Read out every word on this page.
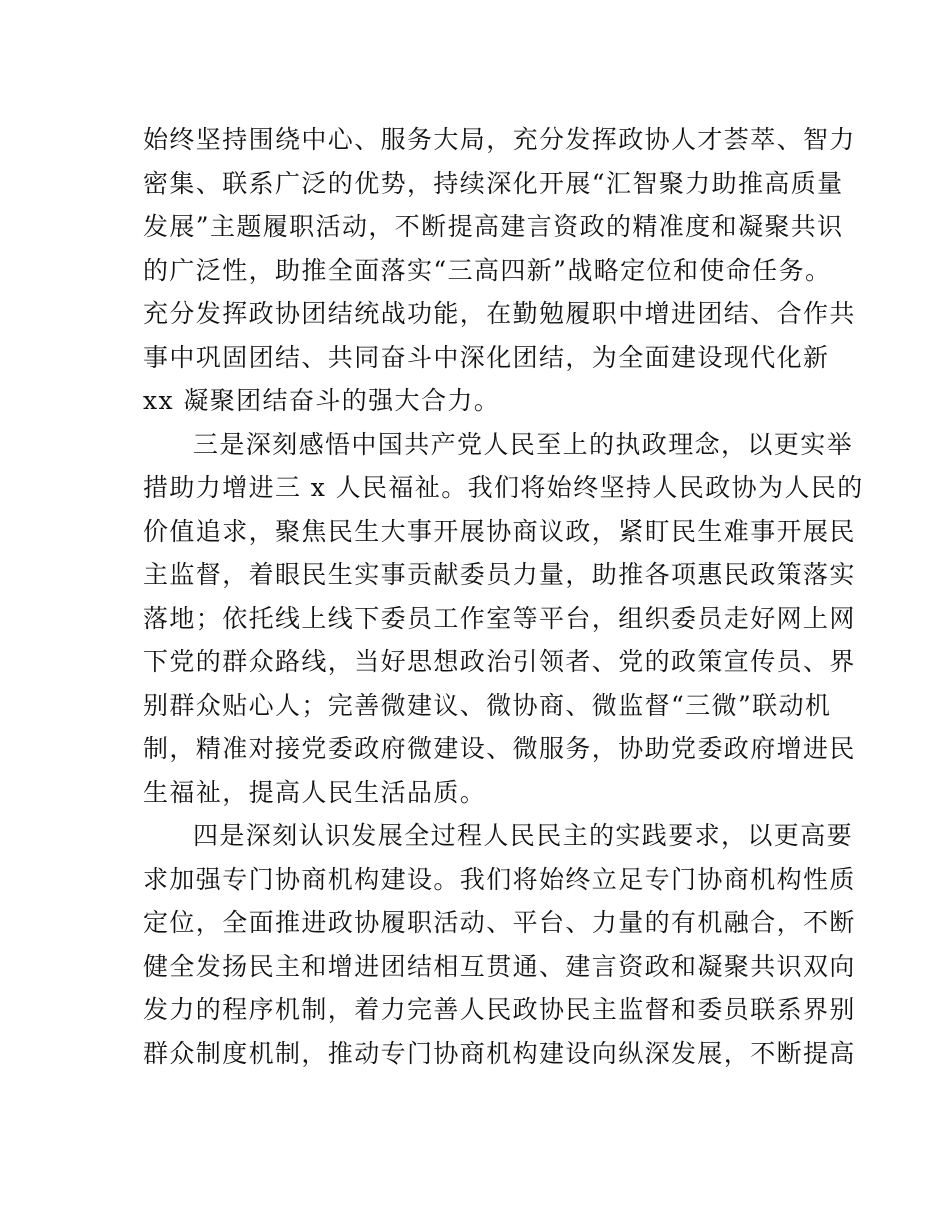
始终坚持围绕中心、服务大局，充分发挥政协人才荟萃、智力
密集、联系广泛的优势，持续深化开展“汇智聚力助推高质量
发展”主题履职活动，不断提高建言资政的精准度和凝聚共识
的广泛性，助推全面落实“三高四新”战略定位和使命任务。
充分发挥政协团结统战功能，在勤勉履职中增进团结、合作共
事中巩固团结、共同奋斗中深化团结，为全面建设现代化新
xx 凝聚团结奋斗的强大合力。
三是深刻感悟中国共产党人民至上的执政理念，以更实举
措助力增进三 x 人民福祉。我们将始终坚持人民政协为人民的
价值追求，聚焦民生大事开展协商议政，紧盯民生难事开展民
主监督，着眼民生实事贡献委员力量，助推各项惠民政策落实
落地；依托线上线下委员工作室等平台，组织委员走好网上网
下党的群众路线，当好思想政治引领者、党的政策宣传员、界
别群众贴心人；完善微建议、微协商、微监督“三微”联动机
制，精准对接党委政府微建设、微服务，协助党委政府增进民
生福祉，提高人民生活品质。
四是深刻认识发展全过程人民民主的实践要求，以更高要
求加强专门协商机构建设。我们将始终立足专门协商机构性质
定位，全面推进政协履职活动、平台、力量的有机融合，不断
健全发扬民主和增进团结相互贯通、建言资政和凝聚共识双向
发力的程序机制，着力完善人民政协民主监督和委员联系界别
群众制度机制，推动专门协商机构建设向纵深发展，不断提高
